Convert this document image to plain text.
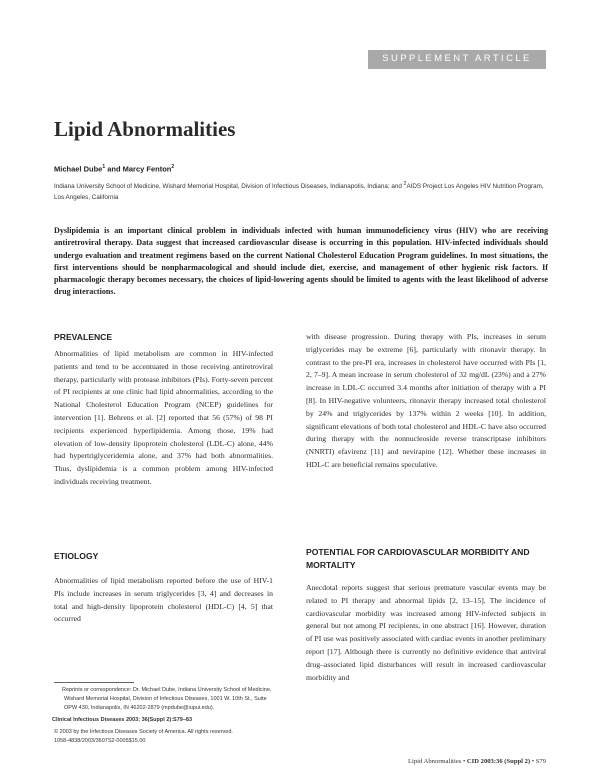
SUPPLEMENT ARTICLE
Lipid Abnormalities
Michael Dube$^1$ and Marcy Fenton$^2$
Indiana University School of Medicine, Wishard Memorial Hospital, Division of Infectious Diseases, Indianapolis, Indiana; and $^2$AIDS Project Los Angeles HIV Nutrition Program, Los Angeles, California

Dyslipidemia is an important clinical problem in individuals infected with human immunodeficiency virus (HIV) who are receiving antiretroviral therapy. Data suggest that increased cardiovascular disease is occurring in this population. HIV-infected individuals should undergo evaluation and treatment regimens based on the current National Cholesterol Education Program guidelines. In most situations, the first interventions should be nonpharmacological and should include diet, exercise, and management of other hygienic risk factors. If pharmacologic therapy becomes necessary, the choices of lipid-lowering agents should be limited to agents with the least likelihood of adverse drug interactions.

PREVALENCE

Abnormalities of lipid metabolism are common in HIV-infected patients and tend to be accentuated in those receiving antiretroviral therapy, particularly with protease inhibitors (PIs). Forty-seven percent of PI recipients at one clinic had lipid abnormalities, according to the National Cholesterol Education Program (NCEP) guidelines for intervention [1]. Behrens et al. [2] reported that 56 (57%) of 98 PI recipients experienced hyperlipidemia. Among those, 19% had elevation of low-density lipoprotein cholesterol (LDL-C) alone, 44% had hypertriglyceridemia alone, and 37% had both abnormalities. Thus, dyslipidemia is a common problem among HIV-infected individuals receiving treatment.

ETIOLOGY

Abnormalities of lipid metabolism reported before the use of HIV-1 PIs include increases in serum triglycerides [3, 4] and decreases in total and high-density lipoprotein cholesterol (HDL-C) [4, 5] that occurred

Reprints or correspondence: Dr. Michael Dube, Indiana University School of Medicine, Wishard Memorial Hospital, Division of Infectious Diseases, 1001 W. 10th St., Suite OPW 430, Indianapolis, IN 46202-2879 (mpdube@iupui.edu).
Clinical Infectious Diseases 2003; 36(Suppl 2):S79–83
© 2003 by the Infectious Diseases Society of America. All rights reserved.
1058-4838/2003/3607S2-0005$15.00

with disease progression. During therapy with PIs, increases in serum triglycerides may be extreme [6], particularly with ritonavir therapy. In contrast to the pre-PI era, increases in cholesterol have occurred with PIs [1, 2, 7–9]. A mean increase in serum cholesterol of 32 mg/dL (23%) and a 27% increase in LDL-C occurred 3.4 months after initiation of therapy with a PI [8]. In HIV-negative volunteers, ritonavir therapy increased total cholesterol by 24% and triglycerides by 137% within 2 weeks [10]. In addition, significant elevations of both total cholesterol and HDL-C have also occurred during therapy with the nonnucleoside reverse transcriptase inhibitors (NNRTI) efavirenz [11] and nevirapine [12]. Whether these increases in HDL-C are beneficial remains speculative.

POTENTIAL FOR CARDIOVASCULAR MORBIDITY AND MORTALITY

Anecdotal reports suggest that serious premature vascular events may be related to PI therapy and abnormal lipids [2, 13–15]. The incidence of cardiovascular morbidity was increased among HIV-infected subjects in general but not among PI recipients, in one abstract [16]. However, duration of PI use was positively associated with cardiac events in another preliminary report [17]. Although there is currently no definitive evidence that antiviral drug–associated lipid disturbances will result in increased cardiovascular morbidity and

Lipid Abnormalities • CID 2003:36 (Suppl 2) • S79
